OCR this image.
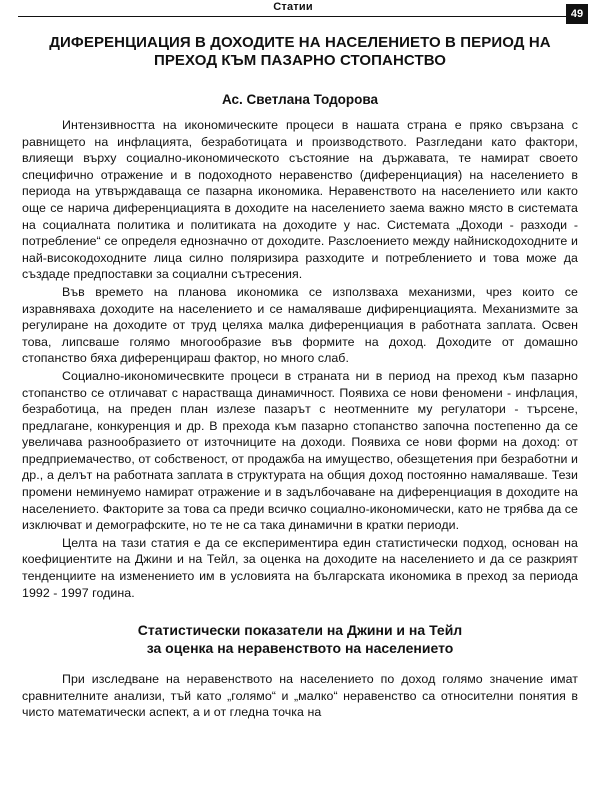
Статии
49
ДИФЕРЕНЦИАЦИЯ В ДОХОДИТЕ НА НАСЕЛЕНИЕТО В ПЕРИОД НА ПРЕХОД КЪМ ПАЗАРНО СТОПАНСТВО
Ас. Светлана Тодорова

Интензивността на икономическите процеси в нашата страна е пряко свързана с равнището на инфлацията, безработицата и производството. Разгледани като фактори, влияещи върху социално-икономическото състояние на държавата, те намират своето специфично отражение и в подоходното неравенство (диференциация) на населението в периода на утвърждаваща се пазарна икономика. Неравенството на населението или както още се нарича диференциацията в доходите на населението заема важно място в системата на социалната политика и политиката на доходите у нас. Системата „Доходи - разходи - потребление“ се определя еднозначно от доходите. Разслоението между найнискодоходните и най-високодоходните лица силно поляризира разходите и потреблението и това може да създаде предпоставки за социални сътресения.

Във времето на планова икономика се използваха механизми, чрез които се изравняваха доходите на населението и се намаляваше дифиренциацията. Механизмите за регулиране на доходите от труд целяха малка диференциация в работната заплата. Освен това, липсваше голямо многообразие във формите на доход. Доходите от домашно стопанство бяха диференцираш фактор, но много слаб.

Социално-икономичесвките процеси в страната ни в период на преход към пазарно стопанство се отличават с нарастваща динамичност. Появиха се нови феномени - инфлация, безработица, на преден план излезе пазарът с неотменните му регулатори - търсене, предлагане, конкуренция и др. В прехода към пазарно стопанство започна постепенно да се увеличава разнообразието от източниците на доходи. Появиха се нови форми на доход: от предприемачество, от собственост, от продажба на имущество, обезщетения при безработни и др., а делът на работната заплата в структурата на общия доход постоянно намаляваше. Тези промени неминуемо намират отражение и в задълбочаване на диференциация в доходите на населението. Факторите за това са преди всичко социално-икономически, като не трябва да се изключват и демографските, но те не са така динамични в кратки периоди.

Целта на тази статия е да се експериментира един статистически подход, основан на коефициентите на Джини и на Тейл, за оценка на доходите на населението и да се разкрият тенденциите на изменението им в условията на българската икономика в преход за периода 1992 - 1997 година.

Статистически показатели на Джини и на Тейл
за оценка на неравенството на населението

При изследване на неравенството на населението по доход голямо значение имат сравнителните анализи, тъй като „голямо“ и „малко“ неравенство са относителни понятия в чисто математически аспект, а и от гледна точка на
